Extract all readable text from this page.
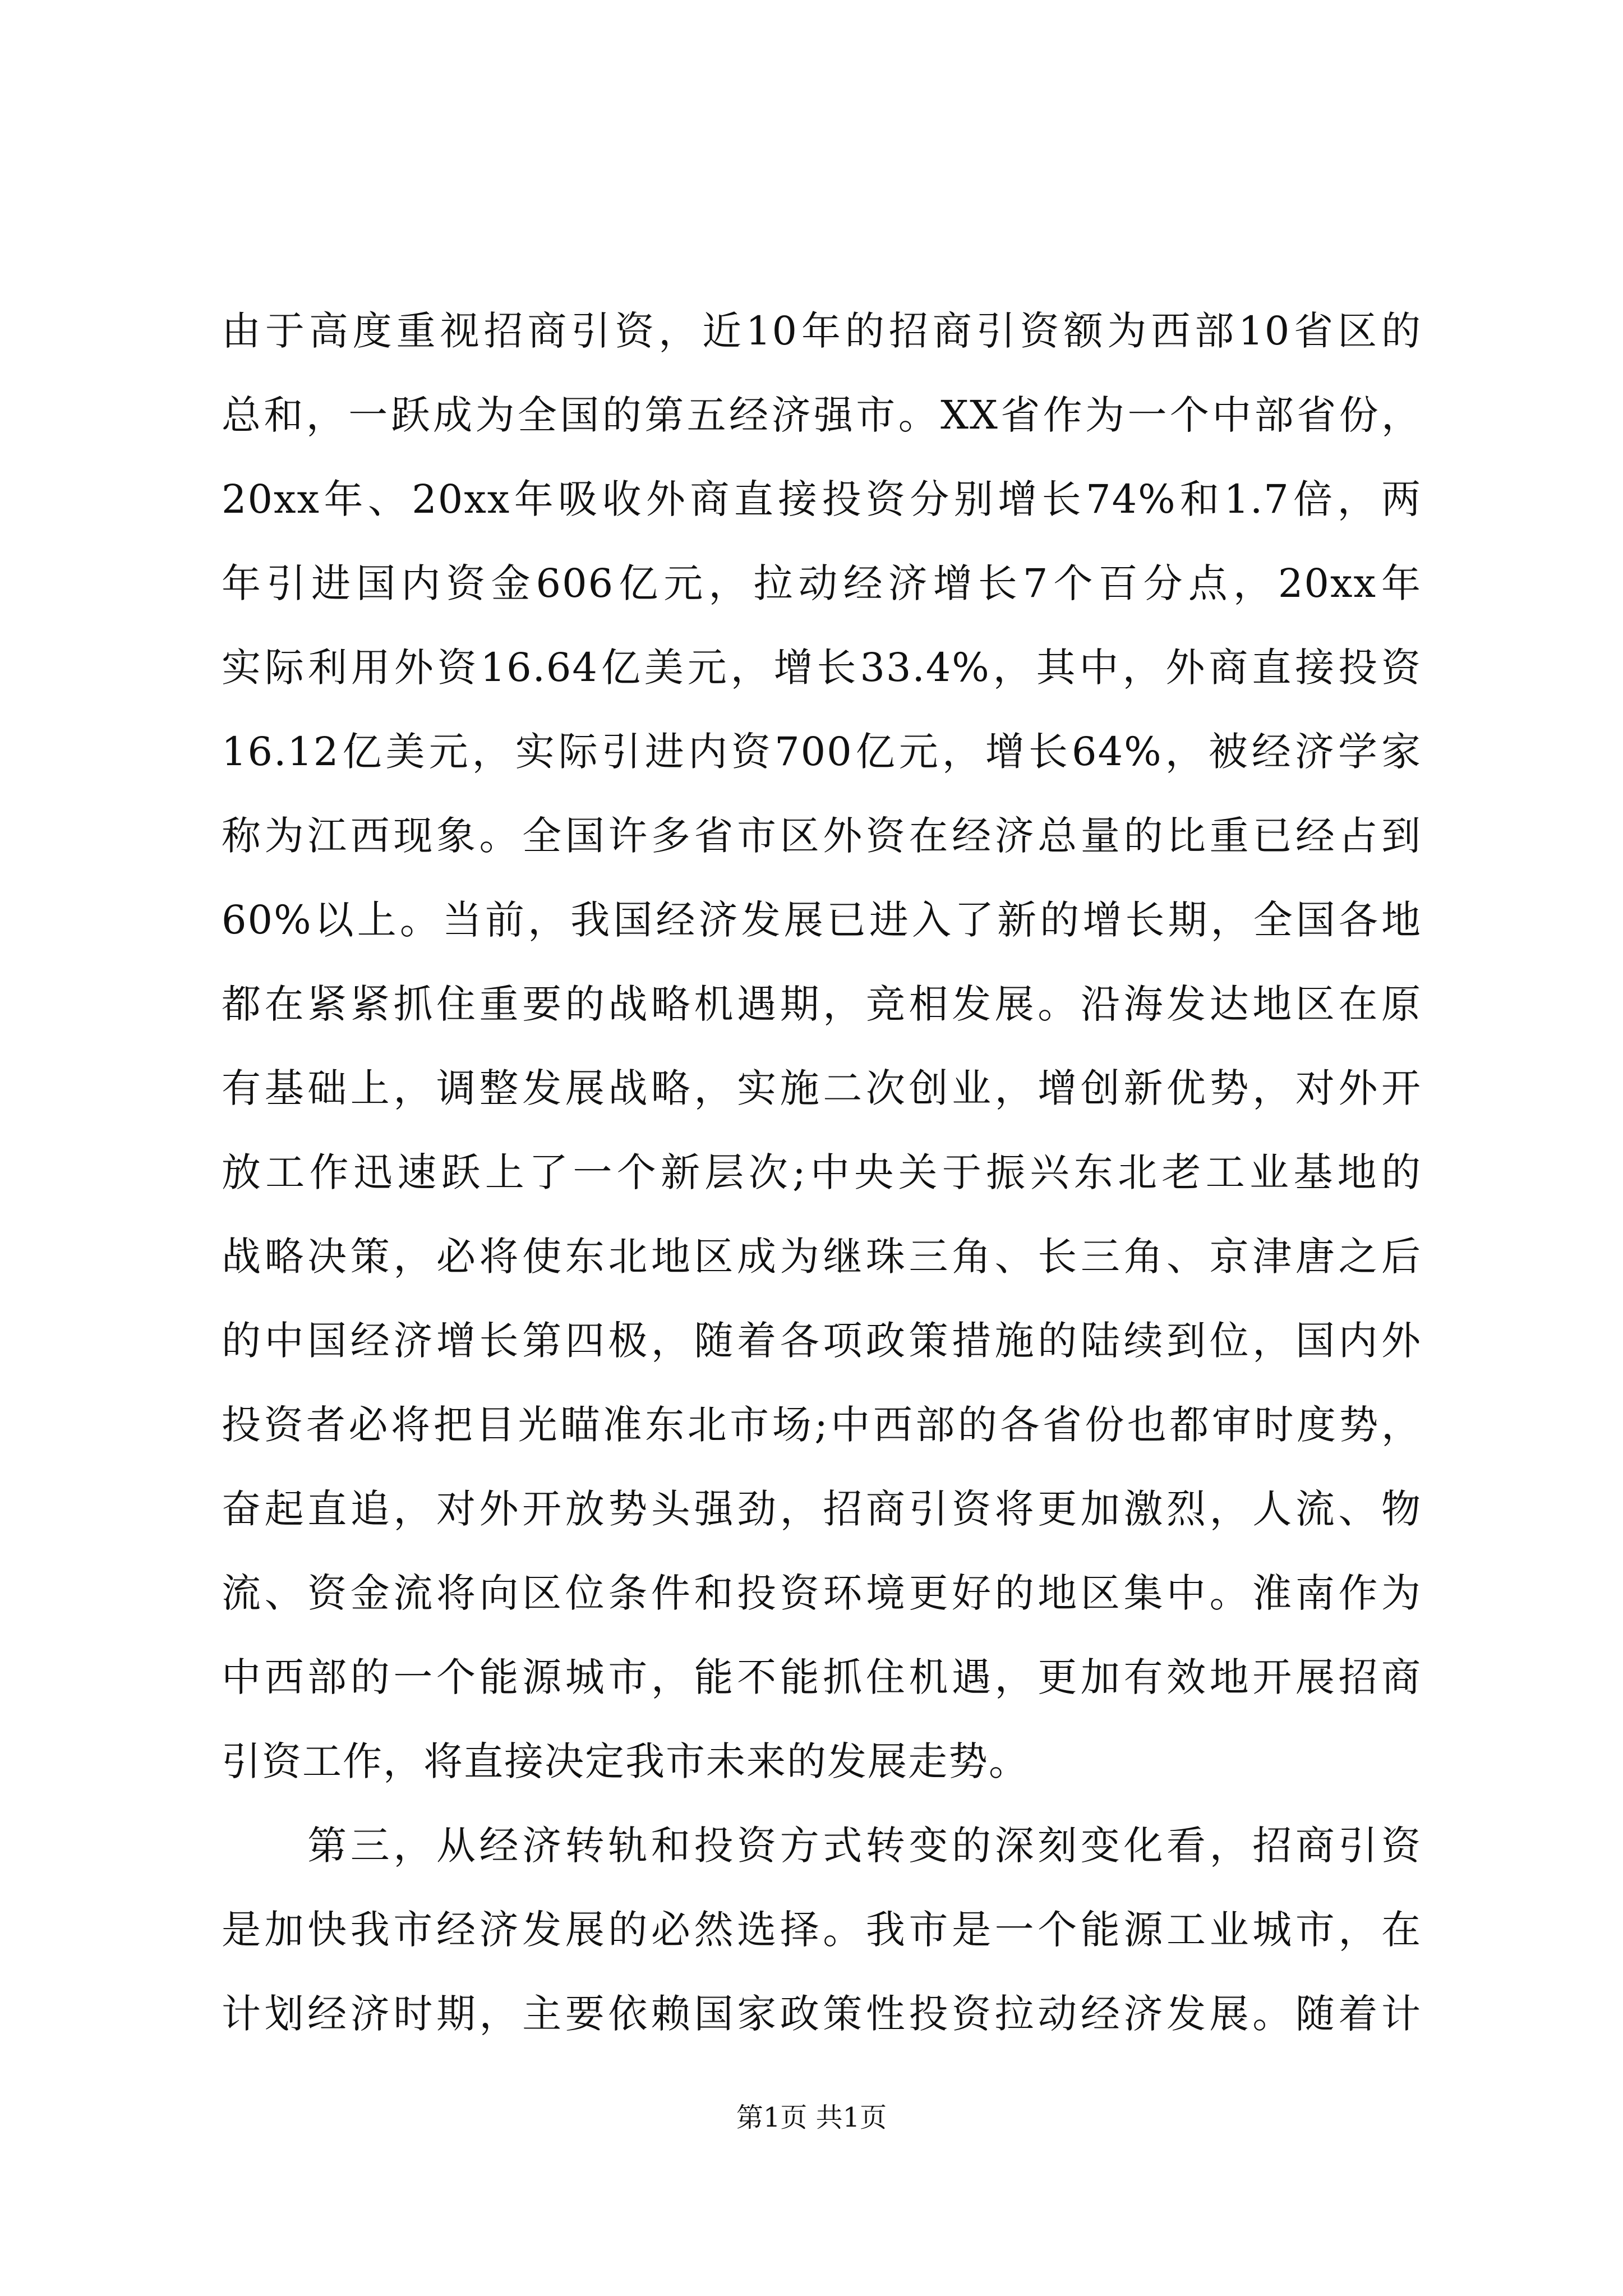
由于高度重视招商引资，近10年的招商引资额为西部10省区的
总和，一跃成为全国的第五经济强市。XX省作为一个中部省份，
20xx年、20xx年吸收外商直接投资分别增长74%和1.7倍，两
年引进国内资金606亿元，拉动经济增长7个百分点，20xx年
实际利用外资16.64亿美元，增长33.4%，其中，外商直接投资
16.12亿美元，实际引进内资700亿元，增长64%，被经济学家
称为江西现象。全国许多省市区外资在经济总量的比重已经占到
60%以上。当前，我国经济发展已进入了新的增长期，全国各地
都在紧紧抓住重要的战略机遇期，竞相发展。沿海发达地区在原
有基础上，调整发展战略，实施二次创业，增创新优势，对外开
放工作迅速跃上了一个新层次;中央关于振兴东北老工业基地的
战略决策，必将使东北地区成为继珠三角、长三角、京津唐之后
的中国经济增长第四极，随着各项政策措施的陆续到位，国内外
投资者必将把目光瞄准东北市场;中西部的各省份也都审时度势，
奋起直追，对外开放势头强劲，招商引资将更加激烈，人流、物
流、资金流将向区位条件和投资环境更好的地区集中。淮南作为
中西部的一个能源城市，能不能抓住机遇，更加有效地开展招商
引资工作，将直接决定我市未来的发展走势。
　　第三，从经济转轨和投资方式转变的深刻变化看，招商引资
是加快我市经济发展的必然选择。我市是一个能源工业城市，在
计划经济时期，主要依赖国家政策性投资拉动经济发展。随着计
第1页 共1页
